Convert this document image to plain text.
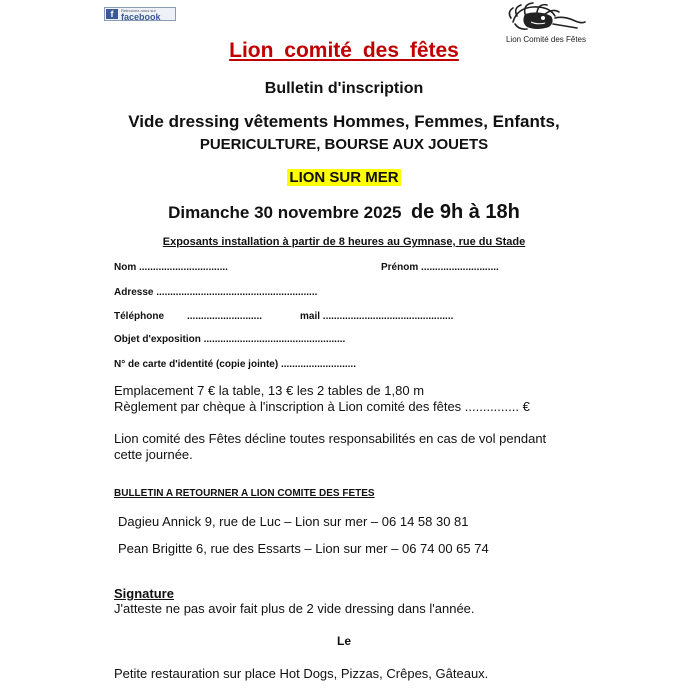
f	Retrouvez-nous sur
facebook
Lion Comité des Fêtes
Lion comité des fêtes
Bulletin d'inscription
Vide dressing vêtements Hommes, Femmes, Enfants,
PUERICULTURE, BOURSE AUX JOUETS
LION SUR MER
Dimanche 30 novembre 2025 de 9h à 18h
Exposants installation à partir de 8 heures au Gymnase, rue du Stade
Nom ................................	Prénom ............................
Adresse ..........................................................
Téléphone ...........................	mail ...............................................
Objet d'exposition ...................................................
N° de carte d'identité (copie jointe) ...........................
Emplacement 7 € la table, 13 € les 2 tables de 1,80 m
Règlement par chèque à l'inscription à Lion comité des fêtes ............... €
Lion comité des Fêtes décline toutes responsabilités en cas de vol pendant
cette journée.
BULLETIN A RETOURNER A LION COMITE DES FETES
Dagieu Annick 9, rue de Luc – Lion sur mer – 06 14 58 30 81
Pean Brigitte 6, rue des Essarts – Lion sur mer – 06 74 00 65 74
Signature
J'atteste ne pas avoir fait plus de 2 vide dressing dans l'année.
Le
Petite restauration sur place Hot Dogs, Pizzas, Crêpes, Gâteaux.
